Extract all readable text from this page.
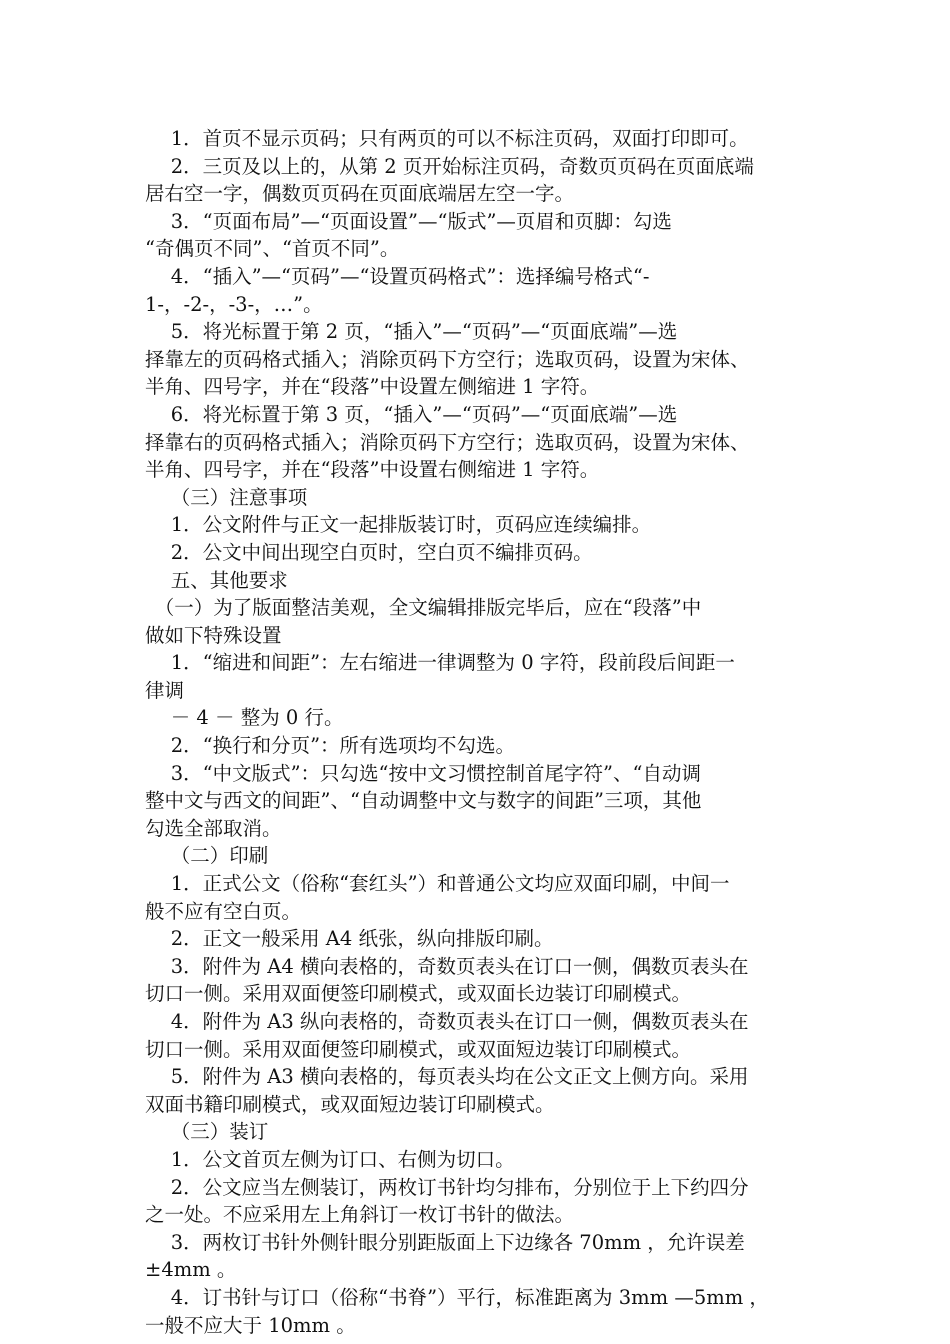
　 1．首页不显示页码；只有两页的可以不标注页码，双面打印即可。
　 2．三页及以上的，从第 2 页开始标注页码，奇数页页码在页面底端
居右空一字，偶数页页码在页面底端居左空一字。
　 3．“页面布局”—“页面设置”—“版式”—页眉和页脚：勾选
“奇偶页不同”、“首页不同”。
　 4．“插入”—“页码”—“设置页码格式”：选择编号格式“-
1-，-2-，-3-，…”。
　 5．将光标置于第 2 页，“插入”—“页码”—“页面底端”—选
择靠左的页码格式插入；消除页码下方空行；选取页码，设置为宋体、
半角、四号字，并在“段落”中设置左侧缩进 1 字符。
　 6．将光标置于第 3 页，“插入”—“页码”—“页面底端”—选
择靠右的页码格式插入；消除页码下方空行；选取页码，设置为宋体、
半角、四号字，并在“段落”中设置右侧缩进 1 字符。
　 （三）注意事项
　 1．公文附件与正文一起排版装订时，页码应连续编排。
　 2．公文中间出现空白页时，空白页不编排页码。
　 五、其他要求
　（一）为了版面整洁美观，全文编辑排版完毕后，应在“段落”中
做如下特殊设置
　 1．“缩进和间距”：左右缩进一律调整为 0 字符，段前段后间距一
律调
　 － 4 － 整为 0 行。
　 2．“换行和分页”：所有选项均不勾选。
　 3．“中文版式”：只勾选“按中文习惯控制首尾字符”、“自动调
整中文与西文的间距”、“自动调整中文与数字的间距”三项，其他
勾选全部取消。
　 （二）印刷
　 1．正式公文（俗称“套红头”）和普通公文均应双面印刷，中间一
般不应有空白页。
　 2．正文一般采用 A4 纸张，纵向排版印刷。
　 3．附件为 A4 横向表格的，奇数页表头在订口一侧，偶数页表头在
切口一侧。采用双面便签印刷模式，或双面长边装订印刷模式。
　 4．附件为 A3 纵向表格的，奇数页表头在订口一侧，偶数页表头在
切口一侧。采用双面便签印刷模式，或双面短边装订印刷模式。
　 5．附件为 A3 横向表格的，每页表头均在公文正文上侧方向。采用
双面书籍印刷模式，或双面短边装订印刷模式。
　 （三）装订
　 1．公文首页左侧为订口、右侧为切口。
　 2．公文应当左侧装订，两枚订书针均匀排布，分别位于上下约四分
之一处。不应采用左上角斜订一枚订书针的做法。
　 3．两枚订书针外侧针眼分别距版面上下边缘各 70mm ，允许误差
±4mm 。
　 4．订书针与订口（俗称“书脊”）平行，标准距离为 3mm —5mm ，
一般不应大于 10mm 。
